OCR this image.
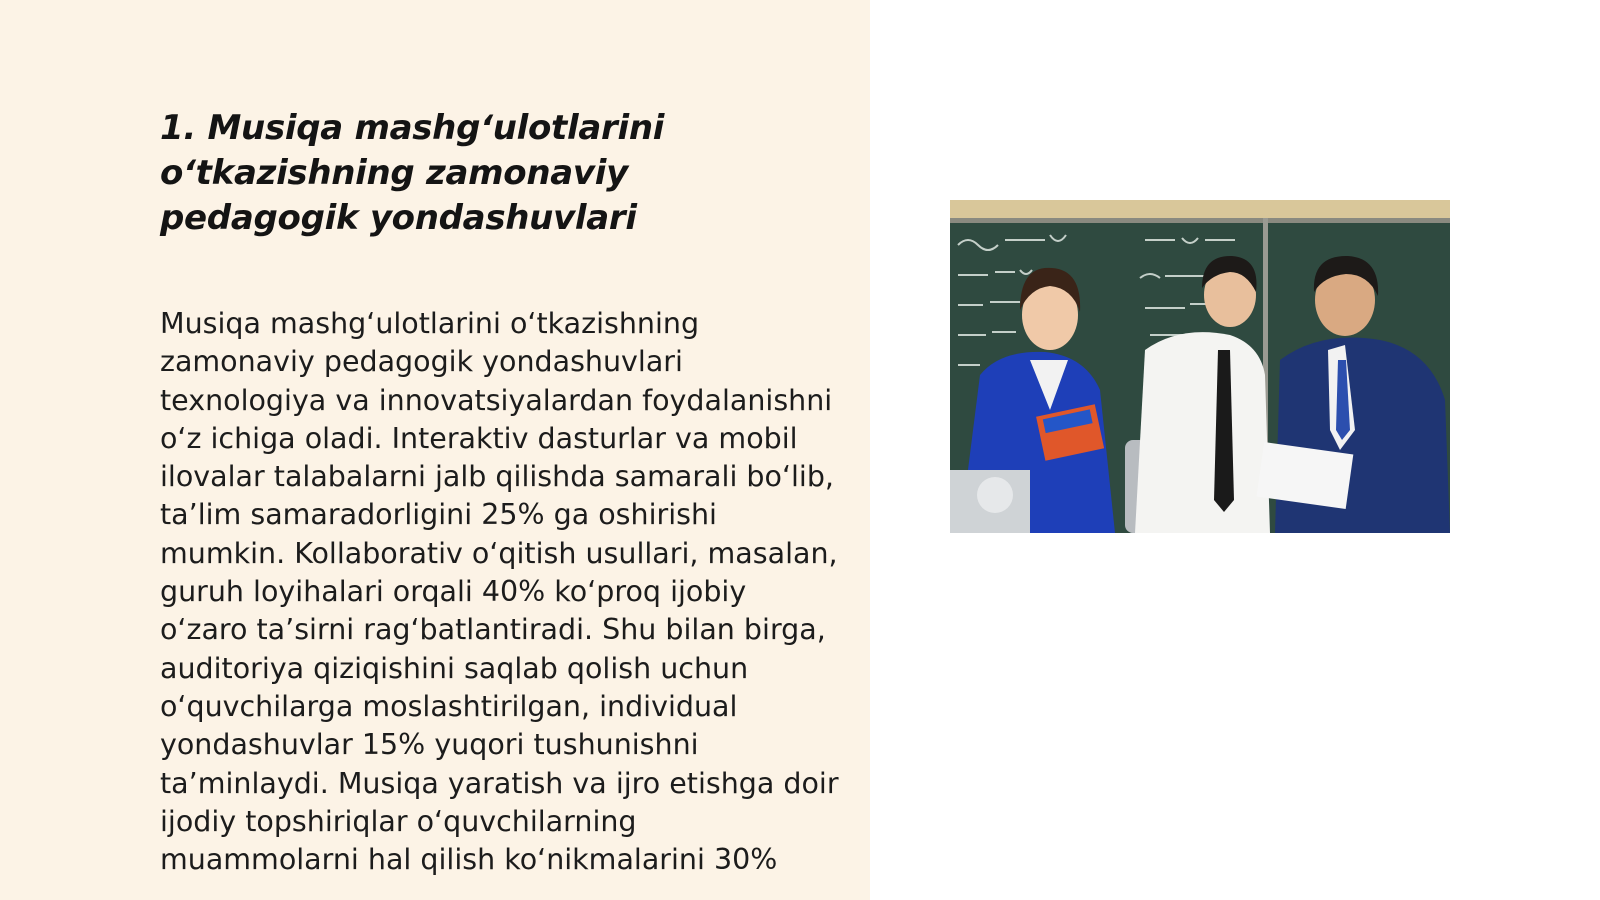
1. Musiqa mashg‘ulotlarini o‘tkazishning zamonaviy pedagogik yondashuvlari

Musiqa mashg‘ulotlarini o‘tkazishning zamonaviy pedagogik yondashuvlari texnologiya va innovatsiyalardan foydalanishni o‘z ichiga oladi. Interaktiv dasturlar va mobil ilovalar talabalarni jalb qilishda samarali bo‘lib, ta’lim samaradorligini 25% ga oshirishi mumkin. Kollaborativ o‘qitish usullari, masalan, guruh loyihalari orqali 40% ko‘proq ijobiy o‘zaro ta’sirni rag‘batlantiradi. Shu bilan birga, auditoriya qiziqishini saqlab qolish uchun o‘quvchilarga moslashtirilgan, individual yondashuvlar 15% yuqori tushunishni ta’minlaydi. Musiqa yaratish va ijro etishga doir ijodiy topshiriqlar o‘quvchilarning muammolarni hal qilish ko‘nikmalarini 30%
